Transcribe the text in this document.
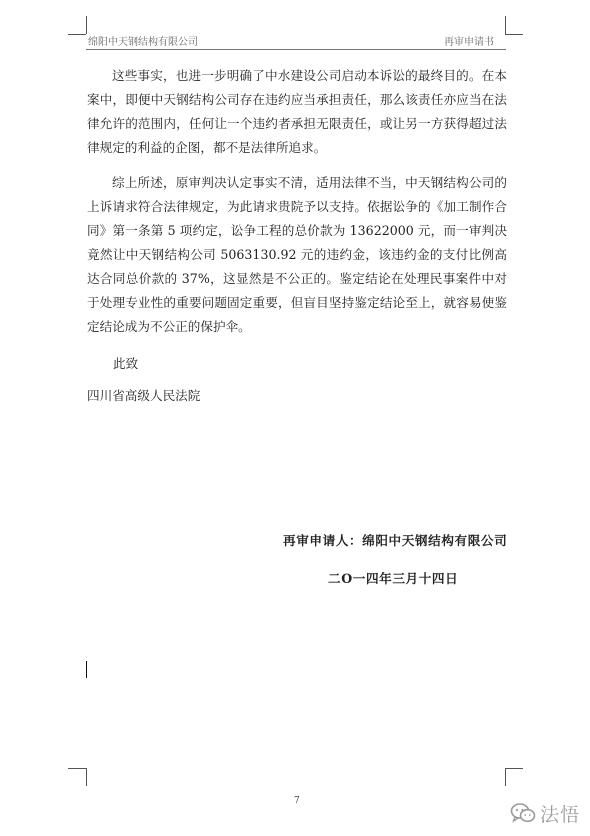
绵阳中天钢结构有限公司	再审申请书
这些事实，也进一步明确了中水建设公司启动本诉讼的最终目的。在本案中，即便中天钢结构公司存在违约应当承担责任，那么该责任亦应当在法律允许的范围内，任何让一个违约者承担无限责任，或让另一方获得超过法律规定的利益的企图，都不是法律所追求。
综上所述，原审判决认定事实不清，适用法律不当，中天钢结构公司的上诉请求符合法律规定，为此请求贵院予以支持。依据讼争的《加工制作合同》第一条第 5 项约定，讼争工程的总价款为 13622000 元，而一审判决竟然让中天钢结构公司 5063130.92 元的违约金，该违约金的支付比例高达合同总价款的 37%，这显然是不公正的。鉴定结论在处理民事案件中对于处理专业性的重要问题固定重要，但盲目坚持鉴定结论至上，就容易使鉴定结论成为不公正的保护伞。
此致
四川省高级人民法院
再审申请人：绵阳中天钢结构有限公司
二O一四年三月十四日
7
法悟
